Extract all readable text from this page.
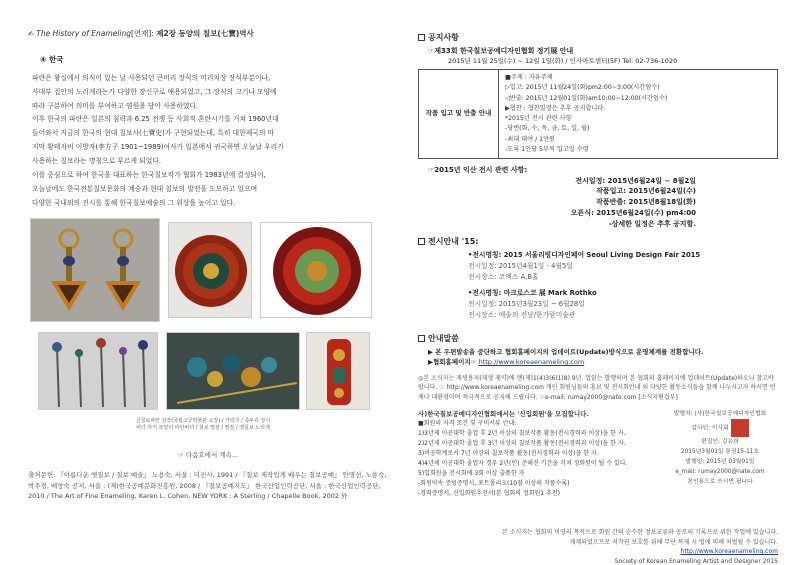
✍ The History of Enameling[연재]: 제2장 동양의 칠보(七寶)역사
④ 한국

파란은 왕실에서 의식이 있는 날 사용되던 큰머리 장식의 머리치장 장식부분이나,

사대부 집안의 노리개라는가 다양한 장신구로 애용되었고, 그 장식의 크기나 모양에

따라 구분하여 의미를 부여하고 염원을 담아 사용하였다.

이후 한국의 파란은 일본의 침략과 6.25 전쟁 등 사회적 혼란시기를 거쳐 1960년대

들어와서 지금의 한국의 현대 칠보사(七寶史)가 구현되었는데, 특히 대한제국의 마

지막 황태자비 이방자(李方子 1901~1989)여사가 일본에서 귀국하면 오늘날 우리가

사용하는 칠보라는 명칭으로 부르게 되었다.

이를 중심으로 하여 한국을 대표하는 한국칠보작가 협회가 1983년에 결성되어,

오늘날에도 한국전통칠보문화의 계승과 현대 칠보의 발전을 도모하고 있으며

다양한 국내외의 전시를 통해 한국칠보예술의 그 위상을 높이고 있다.

금칠보파란 삼작(국립고궁박물관 소장) / 가락지 / 족두리 장식
비녀 각기 모양의 파란비녀 / 칠보 떨잠 / 떨잠 / 옛칠보 노리개
☞ 다음호에서 계속...
출처문헌: 『아름다운 옛칠보 / 칠보 예술』 노용숙, 서울 : 미진사, 1991 / 『칠보 제작입게 배우는 칠보공예』 안명선, 노용숙, 박주경, 배창숙 공저, 서울 : (재)한국공예문화진흥원, 2008 / 『칠보공예지도』 한국산업인력공단, 서울 : 한국산업인력공단, 2010 / The Art of Fine Enameling, Karen L. Cohen, NEW YORK : A Sterling / Chapelle Book, 2002 外
공지사항
☞제33회 한국칠보공예디자인협회 정기展 안내
2015년 11월 25일(수) ~ 12월 1일(화) / 인사아트센터(5F) Tel: 02-736-1020
작품 입고 및 반출 안내
■주제 : 자유주제
▷입고: 2015년 11월24일(화)pm2:00~3:00(시간엄수)
◁반출: 2015년 12월01일(화)am10:00~12:00(시간엄수)
▶협찬 : 협찬일정은 추후 공지합니다.
*2015년 전시 관련 사항
-당번(화, 수, 목, 금, 토, 일, 월)
-최대 대여 / 1만원
-도록 1인당 5부씩 입고일 수령
☞2015년 익산 전시 관련 사항:
전시일정: 2015년6월24일 ~ 8월2일
작품입고: 2015년6월24일(수)
작품반출: 2015년8월18일(화)
오픈식: 2015년6월24일(수) pm4:00
-상세한 일정은 추후 공지함.
전시안내 '15:
•전시명칭: 2015 서울리빙디자인페어 Seoul Living Design Fair 2015
전시일정: 2015년4월1일 - 4월5일
전시장소: 코엑스 A,B홀
•전시명칭: 마크로스코 展 Mark Rothko
전시일정: 2015년3월23일 ~ 6월28일
전시장소: 예술의 전당/한가람미술관
안내말씀
▶ 본 우편발송을 중단하고 협회홈페이지의 업데이트(Update)방식으로 운영체계를 전환합니다.
▶협회홈페이지☞ http://www.koreaenameling.com
◎본 소식지는 재생용지(재생 제약)에 맨(재)1(4)3(6)1(8) 9년. 업읽는 발행하며 본 협회의 홈페이지에 업데이트(Update)하오니 참고바랍니다. ☞ http://www.koreaenameling.com 개인 회원님들의 홍보 및 전시회안내 외 다양한 활동소식들을 함께 나누시고자 하시면 언제나 대환영이며 적극적으로 공지해 드립니다. ☞e-mail: rumay2000@nate.com [소식지편집부]
사)한국칠보공예디자인협회에서는 '신입회원'을 모집합니다.
■회원의 자격 조건 및 구비서류 안내:
1)3년제 이공대학 졸업 후 2년 이상의 칠보작품 활동(전시경력과 이상)을 한 자.
2)2년제 이공대학 졸업 후 3년 이상의 칠보작품 활동(전시경력과 이상)을 한 자.
3)비공학계로서 7년 이상의 칠보작품 활동(전시경력과 이상)을 한 자.
4)4년제 이공대학 졸업자 경우 2년(인) 준해진 기간을 거쳐 정회원이 될 수 있다.
5)입회원을 전시회에 3회 이상 출품한 자
-회원약속 증빙증명서, 포트폴리오(10점 이상의 작품수록)
-경력증명서, 신입회원추천서(본 협회의 정회원1 추천)
발행처: (사)한국칠보공예디자인협회
감사인: 이사회
편집인: 김유희
2015년3월01일 통권15-11호
발행일: 2015년 03월01일
e_mail: rumay2000@nate.com
본인용으로 쓰시면 됩니다
본 소식지는 협회의 비영리 목적으로 회원 간의 순수한 정보교류와 공로의 기록으로 위한 작업에 있습니다.
게재되었으므로 저작권 보호를 위해 무단 복제 시 법에 의해 처벌될 수 있습니다.
http://www.koreaenameling.com
Society of Korean Enameling Artist and Designer 2015
